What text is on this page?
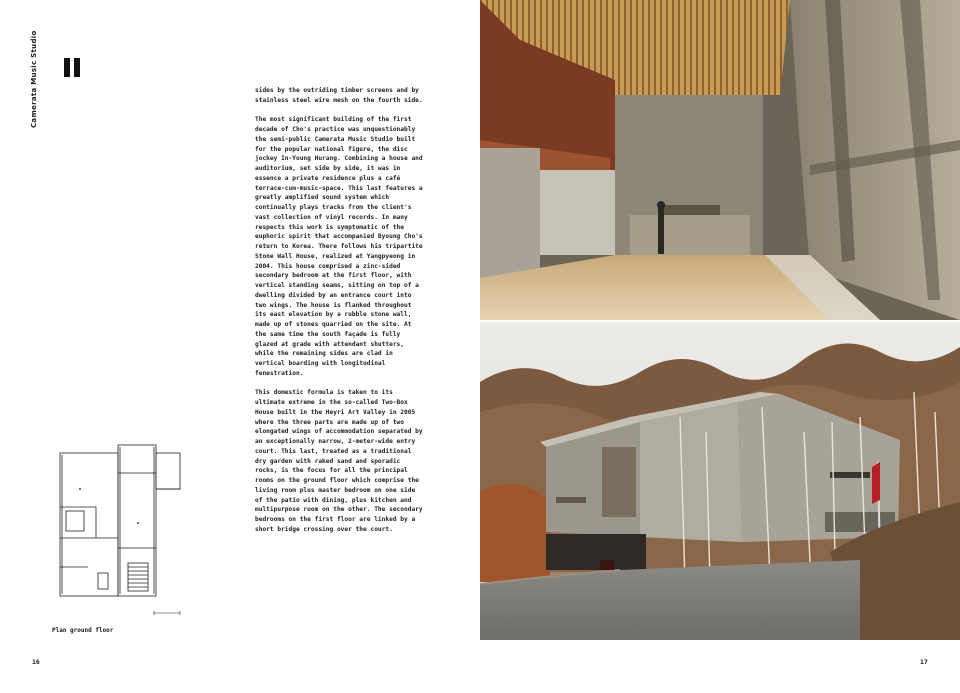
Camerata Music Studio	sides by the outriding timber screens and by stainless steel wire mesh on the fourth side.

The most significant building of the first decade of Cho's practice was unquestionably the semi-public Camerata Music Studio built for the popular national figure, the disc jockey In-Young Hurang. Combining a house and auditorium, set side by side, it was in essence a private residence plus a café terrace-cum-music-space. This last features a greatly amplified sound system which continually plays tracks from the client's vast collection of vinyl records. In many respects this work is symptomatic of the euphoric spirit that accompanied Byoung Cho's return to Korea. There follows his tripartite Stone Wall House, realized at Yangpyeong in 2004. This house comprised a zinc-sided secondary bedroom at the first floor, with vertical standing seams, sitting on top of a dwelling divided by an entrance court into two wings. The house is flanked throughout its east elevation by a rubble stone wall, made up of stones quarried on the site. At the same time the south façade is fully glazed at grade with attendant shutters, while the remaining sides are clad in vertical boarding with longitudinal fenestration.

This domestic formula is taken to its ultimate extreme in the so-called Two-Box House built in the Heyri Art Valley in 2005 where the three parts are made up of two elongated wings of accommodation separated by an exceptionally narrow, 2-meter-wide entry court. This last, treated as a traditional dry garden with raked sand and sporadic rocks, is the focus for all the principal rooms on the ground floor which comprise the living room plus master bedroom on one side of the patio with dining, plus kitchen and multipurpose room on the other. The secondary bedrooms on the first floor are linked by a short bridge crossing over the court.

Plan ground floor
16	17
